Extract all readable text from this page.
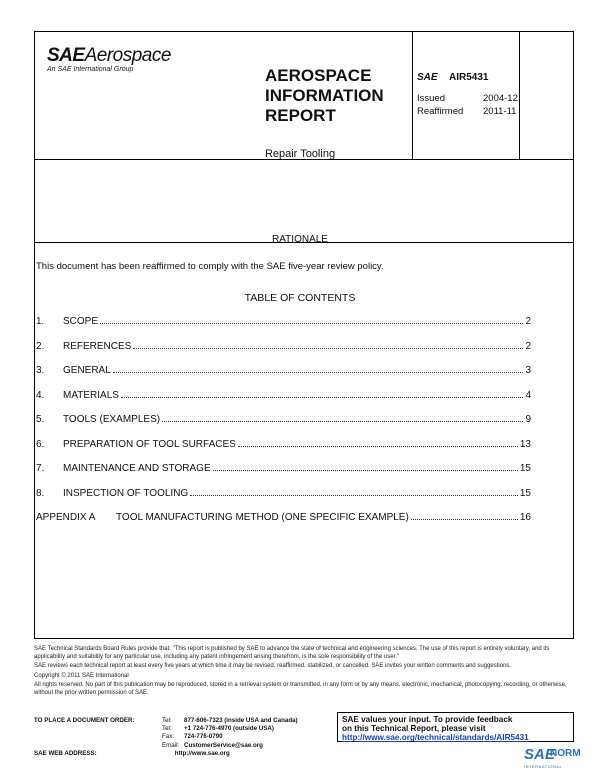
SAEAerospace
An SAE International Group	AEROSPACE
INFORMATION
REPORT
SAE AIR5431
Issued	2004-12
Reaffirmed	2011-11
Repair Tooling
RATIONALE
This document has been reaffirmed to comply with the SAE five-year review policy.
TABLE OF CONTENTS
1.	SCOPE	2
2.	REFERENCES	2
3.	GENERAL	3
4.	MATERIALS	4
5.	TOOLS (EXAMPLES)	9
6.	PREPARATION OF TOOL SURFACES	13
7.	MAINTENANCE AND STORAGE	15
8.	INSPECTION OF TOOLING	15
APPENDIX A	TOOL MANUFACTURING METHOD (ONE SPECIFIC EXAMPLE)	16

SAE Technical Standards Board Rules provide that: "This report is published by SAE to advance the state of technical and engineering sciences. The use of this report is entirely voluntary, and its applicability and suitability for any particular use, including any patent infringement arising therefrom, is the sole responsibility of the user."

SAE reviews each technical report at least every five years at which time it may be revised, reaffirmed, stabilized, or cancelled. SAE invites your written comments and suggestions.

Copyright © 2011 SAE International

All rights reserved. No part of this publication may be reproduced, stored in a retrieval system or transmitted, in any form or by any means, electronic, mechanical, photocopying, recording, or otherwise, without the prior written permission of SAE.

TO PLACE A DOCUMENT ORDER:	Tel:	877-606-7323 (inside USA and Canada)
Tel:	+1 724-776-4970 (outside USA)
Fax:	724-776-0790
Email: CustomerService@sae.org
SAE WEB ADDRESS:	http://www.sae.org
SAE values your input. To provide feedback
on this Technical Report, please visit
http://www.sae.org/technical/standards/AIR5431
SAE
NORM
INTERNATIONAL
